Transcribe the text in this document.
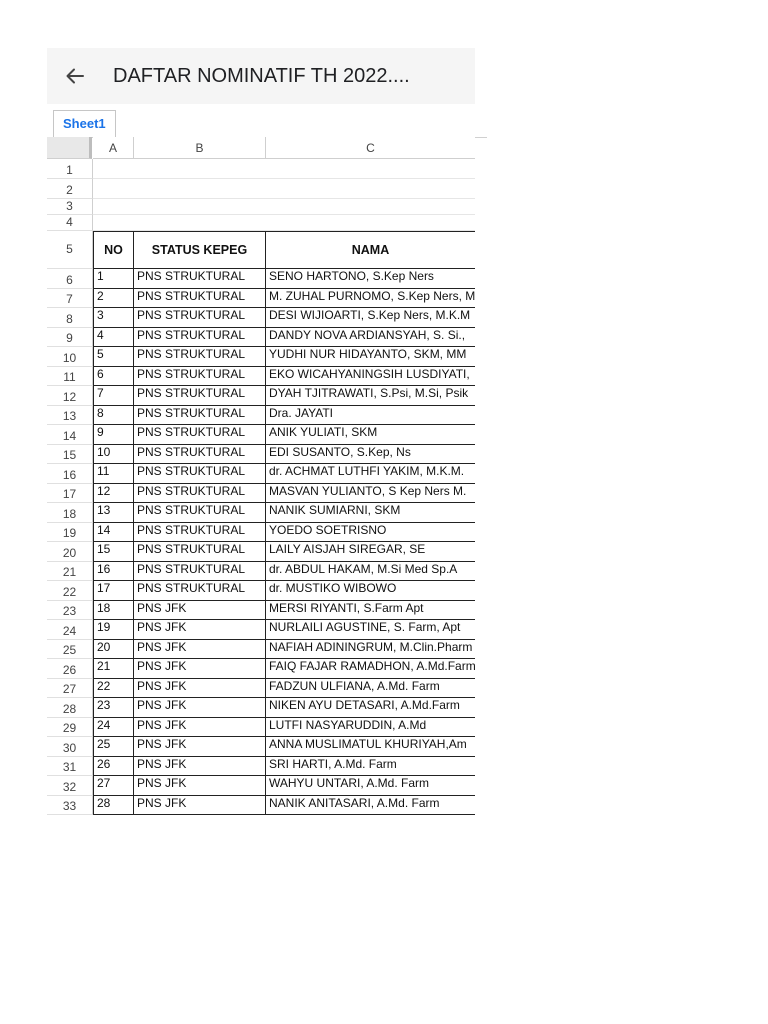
DAFTAR NOMINATIF TH 2022....
Sheet1
A	B	C
1
2
3
4
5	NO	STATUS KEPEG	NAMA
6	1	PNS STRUKTURAL	SENO HARTONO, S.Kep Ners
7	2	PNS STRUKTURAL	M. ZUHAL PURNOMO, S.Kep Ners, M
8	3	PNS STRUKTURAL	DESI WIJIOARTI, S.Kep Ners, M.K.M
9	4	PNS STRUKTURAL	DANDY NOVA ARDIANSYAH, S. Si.,
10	5	PNS STRUKTURAL	YUDHI NUR HIDAYANTO, SKM, MM
11	6	PNS STRUKTURAL	EKO WICAHYANINGSIH LUSDIYATI,
12	7	PNS STRUKTURAL	DYAH TJITRAWATI, S.Psi, M.Si, Psik
13	8	PNS STRUKTURAL	Dra. JAYATI
14	9	PNS STRUKTURAL	ANIK YULIATI, SKM
15	10	PNS STRUKTURAL	EDI SUSANTO, S.Kep, Ns
16	11	PNS STRUKTURAL	dr. ACHMAT LUTHFI YAKIM, M.K.M.
17	12	PNS STRUKTURAL	MASVAN YULIANTO, S Kep Ners M.
18	13	PNS STRUKTURAL	NANIK SUMIARNI, SKM
19	14	PNS STRUKTURAL	YOEDO SOETRISNO
20	15	PNS STRUKTURAL	LAILY AISJAH SIREGAR, SE
21	16	PNS STRUKTURAL	dr. ABDUL HAKAM, M.Si Med Sp.A
22	17	PNS STRUKTURAL	dr. MUSTIKO WIBOWO
23	18	PNS JFK	MERSI RIYANTI, S.Farm Apt
24	19	PNS JFK	NURLAILI AGUSTINE, S. Farm, Apt
25	20	PNS JFK	NAFIAH ADININGRUM, M.Clin.Pharm
26	21	PNS JFK	FAIQ FAJAR RAMADHON, A.Md.Farm
27	22	PNS JFK	FADZUN ULFIANA, A.Md. Farm
28	23	PNS JFK	NIKEN AYU DETASARI, A.Md.Farm
29	24	PNS JFK	LUTFI NASYARUDDIN, A.Md
30	25	PNS JFK	ANNA MUSLIMATUL KHURIYAH,Am
31	26	PNS JFK	SRI HARTI, A.Md. Farm
32	27	PNS JFK	WAHYU UNTARI, A.Md. Farm
33	28	PNS JFK	NANIK ANITASARI, A.Md. Farm
